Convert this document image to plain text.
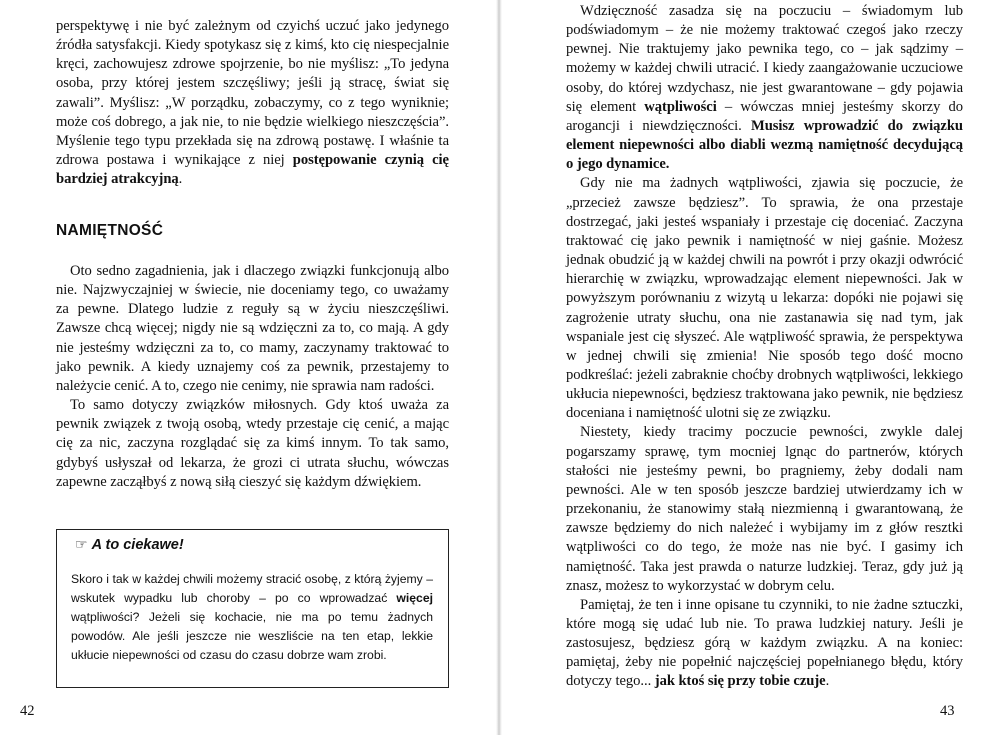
perspektywę i nie być zależnym od czyichś uczuć jako jedynego źródła satysfakcji. Kiedy spotykasz się z kimś, kto cię niespecjalnie kręci, zachowujesz zdrowe spojrzenie, bo nie myślisz: „To jedyna osoba, przy której jestem szczęśliwy; jeśli ją stracę, świat się zawali”. Myślisz: „W porządku, zobaczymy, co z tego wyniknie; może coś dobrego, a jak nie, to nie będzie wielkiego nieszczęścia”. Myślenie tego typu przekłada się na zdrową postawę. I właśnie ta zdrowa postawa i wynikające z niej postępowanie czynią cię bardziej atrakcyjną.

NAMIĘTNOŚĆ

Oto sedno zagadnienia, jak i dlaczego związki funkcjonują albo nie. Najzwyczajniej w świecie, nie doceniamy tego, co uważamy za pewne. Dlatego ludzie z reguły są w życiu nieszczęśliwi. Zawsze chcą więcej; nigdy nie są wdzięczni za to, co mają. A gdy nie jesteśmy wdzięczni za to, co mamy, zaczynamy traktować to jako pewnik. A kiedy uznajemy coś za pewnik, przestajemy to należycie cenić. A to, czego nie cenimy, nie sprawia nam radości.

To samo dotyczy związków miłosnych. Gdy ktoś uważa za pewnik związek z twoją osobą, wtedy przestaje cię cenić, a mając cię za nic, zaczyna rozglądać się za kimś innym. To tak samo, gdybyś usłyszał od lekarza, że grozi ci utrata słuchu, wówczas zapewne zacząłbyś z nową siłą cieszyć się każdym dźwiękiem.

☞ A to ciekawe!

Skoro i tak w każdej chwili możemy stracić osobę, z którą żyjemy – wskutek wypadku lub choroby – po co wprowadzać więcej wątpliwości? Jeżeli się kochacie, nie ma po temu żadnych powodów. Ale jeśli jeszcze nie weszliście na ten etap, lekkie ukłucie niepewności od czasu do czasu dobrze wam zrobi.

42

Wdzięczność zasadza się na poczuciu – świadomym lub podświadomym – że nie możemy traktować czegoś jako rzeczy pewnej. Nie traktujemy jako pewnika tego, co – jak sądzimy – możemy w każdej chwili utracić. I kiedy zaangażowanie uczuciowe osoby, do której wzdychasz, nie jest gwarantowane – gdy pojawia się element wątpliwości – wówczas mniej jesteśmy skorzy do arogancji i niewdzięczności. Musisz wprowadzić do związku element niepewności albo diabli wezmą namiętność decydującą o jego dynamice.

Gdy nie ma żadnych wątpliwości, zjawia się poczucie, że „przecież zawsze będziesz”. To sprawia, że ona przestaje dostrzegać, jaki jesteś wspaniały i przestaje cię doceniać. Zaczyna traktować cię jako pewnik i namiętność w niej gaśnie. Możesz jednak obudzić ją w każdej chwili na powrót i przy okazji odwrócić hierarchię w związku, wprowadzając element niepewności. Jak w powyższym porównaniu z wizytą u lekarza: dopóki nie pojawi się zagrożenie utraty słuchu, ona nie zastanawia się nad tym, jak wspaniale jest cię słyszeć. Ale wątpliwość sprawia, że perspektywa w jednej chwili się zmienia! Nie sposób tego dość mocno podkreślać: jeżeli zabraknie choćby drobnych wątpliwości, lekkiego ukłucia niepewności, będziesz traktowana jako pewnik, nie będziesz doceniana i namiętność ulotni się ze związku.

Niestety, kiedy tracimy poczucie pewności, zwykle dalej pogarszamy sprawę, tym mocniej lgnąc do partnerów, których stałości nie jesteśmy pewni, bo pragniemy, żeby dodali nam pewności. Ale w ten sposób jeszcze bardziej utwierdzamy ich w przekonaniu, że stanowimy stałą niezmienną i gwarantowaną, że zawsze będziemy do nich należeć i wybijamy im z głów resztki wątpliwości co do tego, że może nas nie być. I gasimy ich namiętność. Taka jest prawda o naturze ludzkiej. Teraz, gdy już ją znasz, możesz to wykorzystać w dobrym celu.

Pamiętaj, że ten i inne opisane tu czynniki, to nie żadne sztuczki, które mogą się udać lub nie. To prawa ludzkiej natury. Jeśli je zastosujesz, będziesz górą w każdym związku. A na koniec: pamiętaj, żeby nie popełnić najczęściej popełnianego błędu, który dotyczy tego... jak ktoś się przy tobie czuje.

43
